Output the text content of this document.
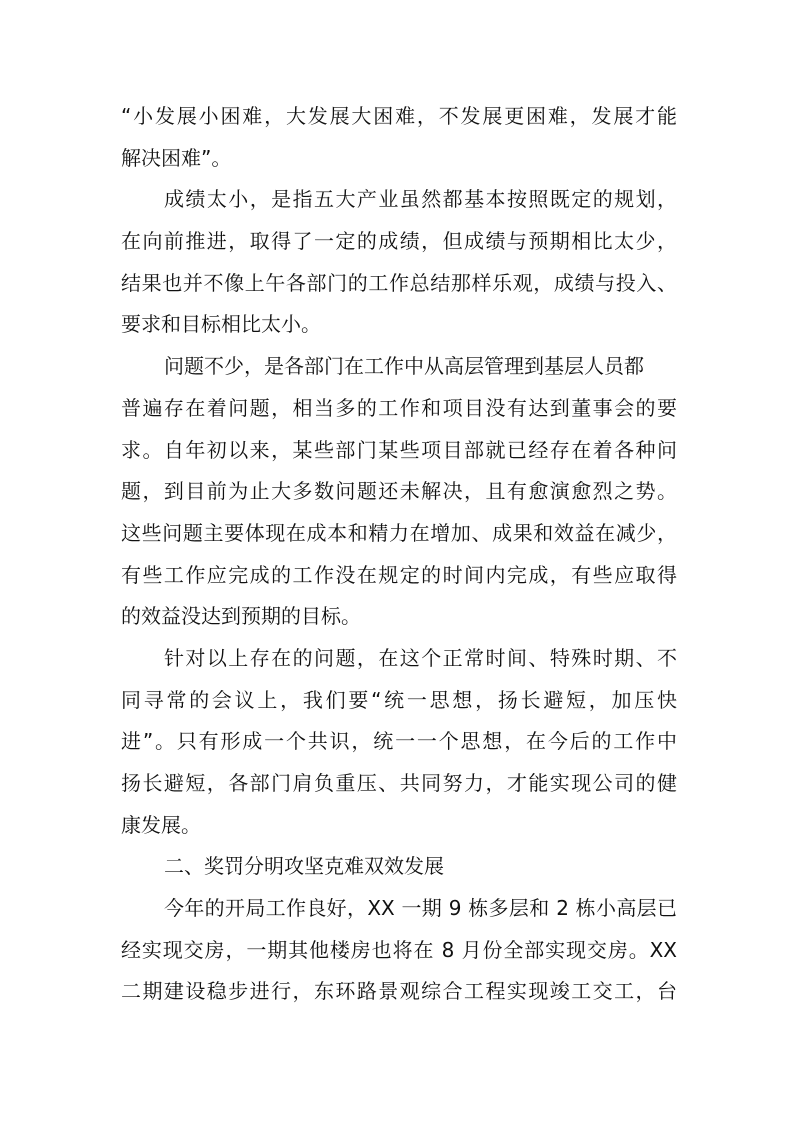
“小发展小困难，大发展大困难，不发展更困难，发展才能
解决困难”。
成绩太小，是指五大产业虽然都基本按照既定的规划，
在向前推进，取得了一定的成绩，但成绩与预期相比太少，
结果也并不像上午各部门的工作总结那样乐观，成绩与投入、
要求和目标相比太小。
问题不少，是各部门在工作中从高层管理到基层人员都
普遍存在着问题，相当多的工作和项目没有达到董事会的要
求。自年初以来，某些部门某些项目部就已经存在着各种问
题，到目前为止大多数问题还未解决，且有愈演愈烈之势。
这些问题主要体现在成本和精力在增加、成果和效益在减少，
有些工作应完成的工作没在规定的时间内完成，有些应取得
的效益没达到预期的目标。
针对以上存在的问题，在这个正常时间、特殊时期、不
同寻常的会议上，我们要“统一思想，扬长避短，加压快
进”。只有形成一个共识，统一一个思想，在今后的工作中
扬长避短，各部门肩负重压、共同努力，才能实现公司的健
康发展。
二、奖罚分明攻坚克难双效发展
今年的开局工作良好，XX 一期 9 栋多层和 2 栋小高层已
经实现交房，一期其他楼房也将在 8 月份全部实现交房。XX
二期建设稳步进行，东环路景观综合工程实现竣工交工，台
